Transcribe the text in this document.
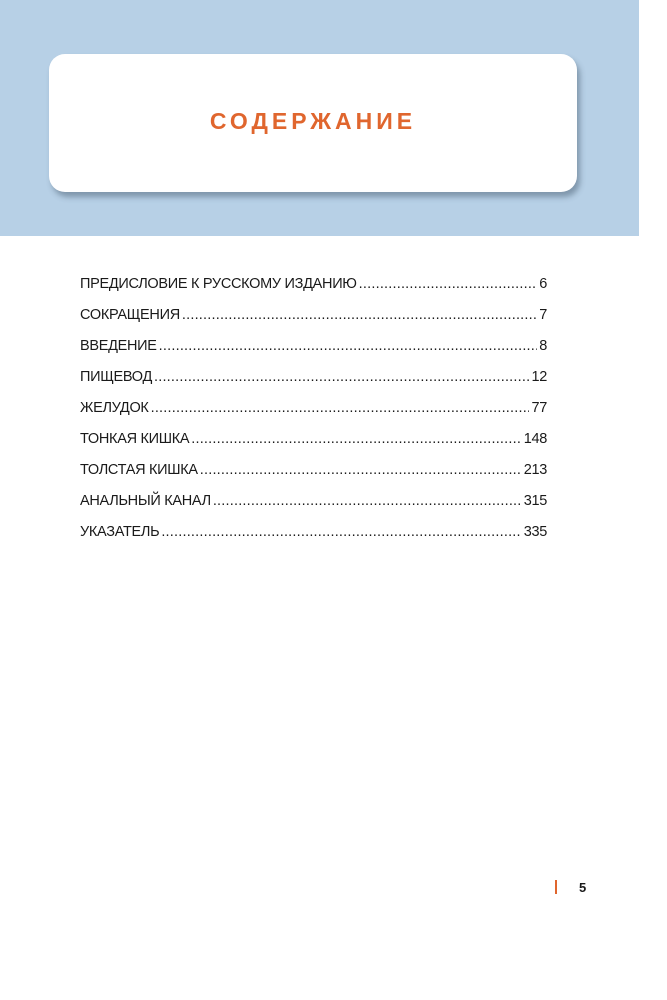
СОДЕРЖАНИЕ
ПРЕДИСЛОВИЕ К РУССКОМУ ИЗДАНИЮ .....	6
СОКРАЩЕНИЯ .....	7
ВВЕДЕНИЕ .....	8
ПИЩЕВОД .....	12
ЖЕЛУДОК .....	77
ТОНКАЯ КИШКА .....	148
ТОЛСТАЯ КИШКА .....	213
АНАЛЬНЫЙ КАНАЛ .....	315
УКАЗАТЕЛЬ .....	335
5
